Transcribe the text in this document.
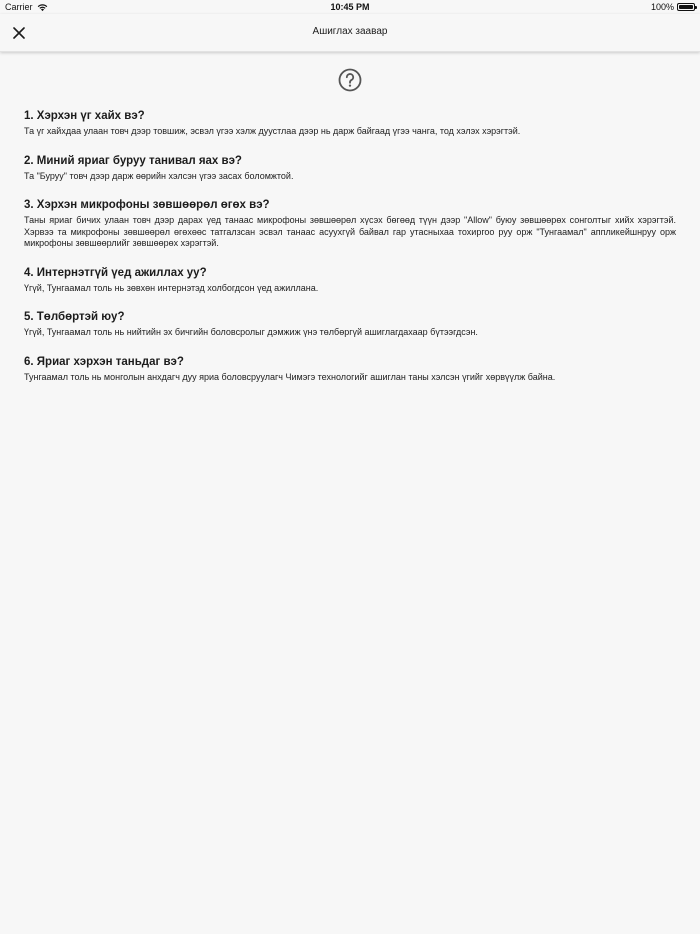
Carrier	10:45 PM	100%
Ашиглах заавар

1. Хэрхэн үг хайх вэ?

Та үг хайхдаа улаан товч дээр товшиж, эсвэл үгээ хэлж дуустлаа дээр нь дарж байгаад үгээ чанга, тод хэлэх хэрэгтэй.

2. Миний яриаг буруу танивал яах вэ?

Та "Буруу" товч дээр дарж өөрийн хэлсэн үгээ засах боломжтой.

3. Хэрхэн микрофоны зөвшөөрөл өгөх вэ?

Таны яриаг бичих улаан товч дээр дарах үед танаас микрофоны зөвшөөрөл хүсэх бөгөөд түүн дээр "Allow" буюу зөвшөөрөх сонголтыг хийх хэрэгтэй. Хэрвээ та микрофоны зөвшөөрөл өгөхөөс татгалзсан эсвэл танаас асуухгүй байвал гар утасныхаа тохиргоо руу орж "Тунгаамал" аппликейшнруу орж микрофоны зөвшөөрлийг зөвшөөрөх хэрэгтэй.

4. Интернэтгүй үед ажиллах уу?

Үгүй, Тунгаамал толь нь зөвхөн интернэтэд холбогдсон үед ажиллана.

5. Төлбөртэй юу?

Үгүй, Тунгаамал толь нь нийтийн эх бичгийн боловсролыг дэмжиж үнэ төлбөргүй ашиглагдахаар бүтээгдсэн.

6. Яриаг хэрхэн таньдаг вэ?

Тунгаамал толь нь монголын анхдагч дуу яриа боловсруулагч Чимэгэ технологийг ашиглан таны хэлсэн үгийг хөрвүүлж байна.
